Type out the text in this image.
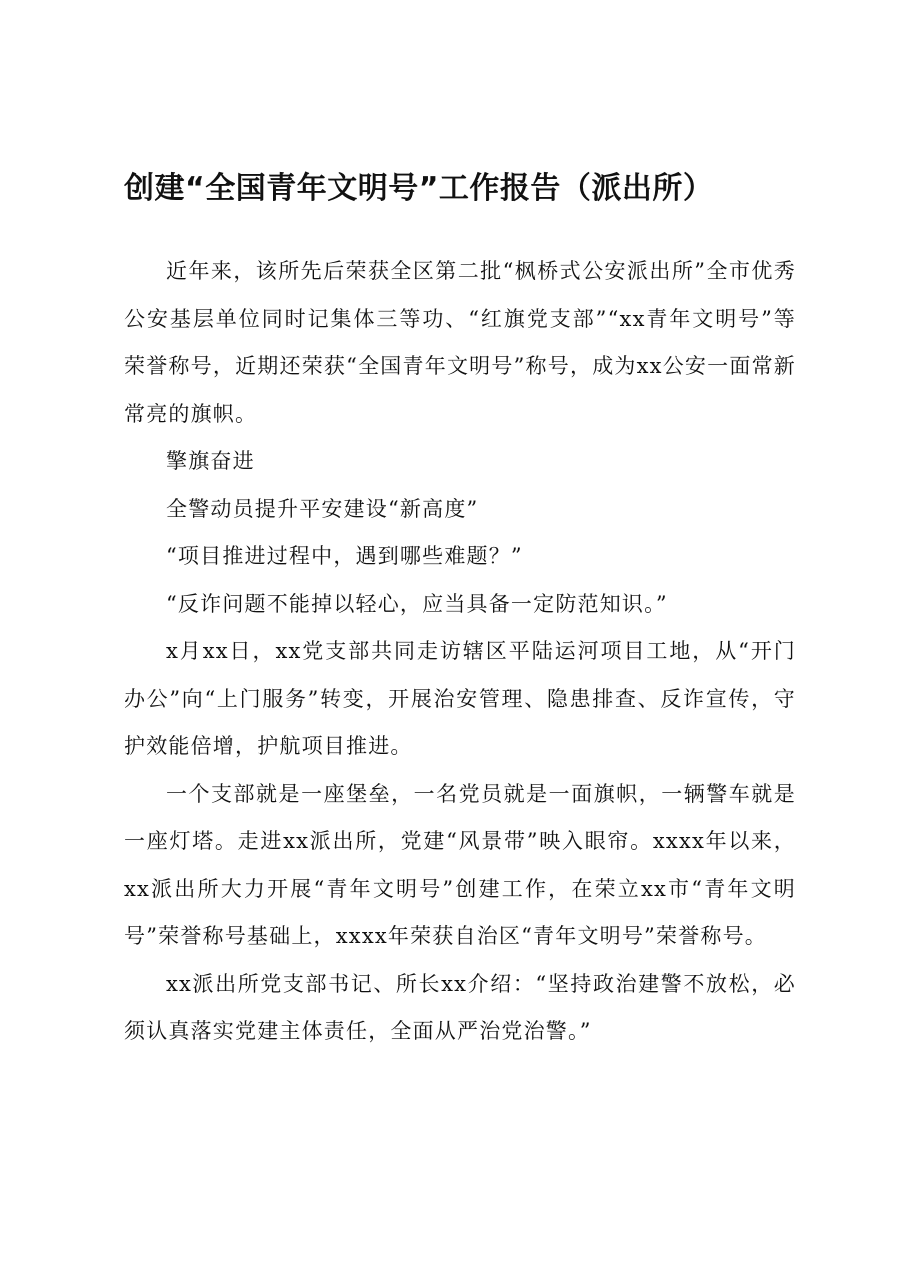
创建“全国青年文明号”工作报告（派出所）

近年来，该所先后荣获全区第二批“枫桥式公安派出所”全市优秀公安基层单位同时记集体三等功、“红旗党支部”“xx青年文明号”等荣誉称号，近期还荣获“全国青年文明号”称号，成为xx公安一面常新常亮的旗帜。

擎旗奋进

全警动员提升平安建设“新高度”

“项目推进过程中，遇到哪些难题？”

“反诈问题不能掉以轻心，应当具备一定防范知识。”

x月xx日，xx党支部共同走访辖区平陆运河项目工地，从“开门办公”向“上门服务”转变，开展治安管理、隐患排查、反诈宣传，守护效能倍增，护航项目推进。

一个支部就是一座堡垒，一名党员就是一面旗帜，一辆警车就是一座灯塔。走进xx派出所，党建“风景带”映入眼帘。xxxx年以来，xx派出所大力开展“青年文明号”创建工作，在荣立xx市“青年文明号”荣誉称号基础上，xxxx年荣获自治区“青年文明号”荣誉称号。

xx派出所党支部书记、所长xx介绍：“坚持政治建警不放松，必须认真落实党建主体责任，全面从严治党治警。”
